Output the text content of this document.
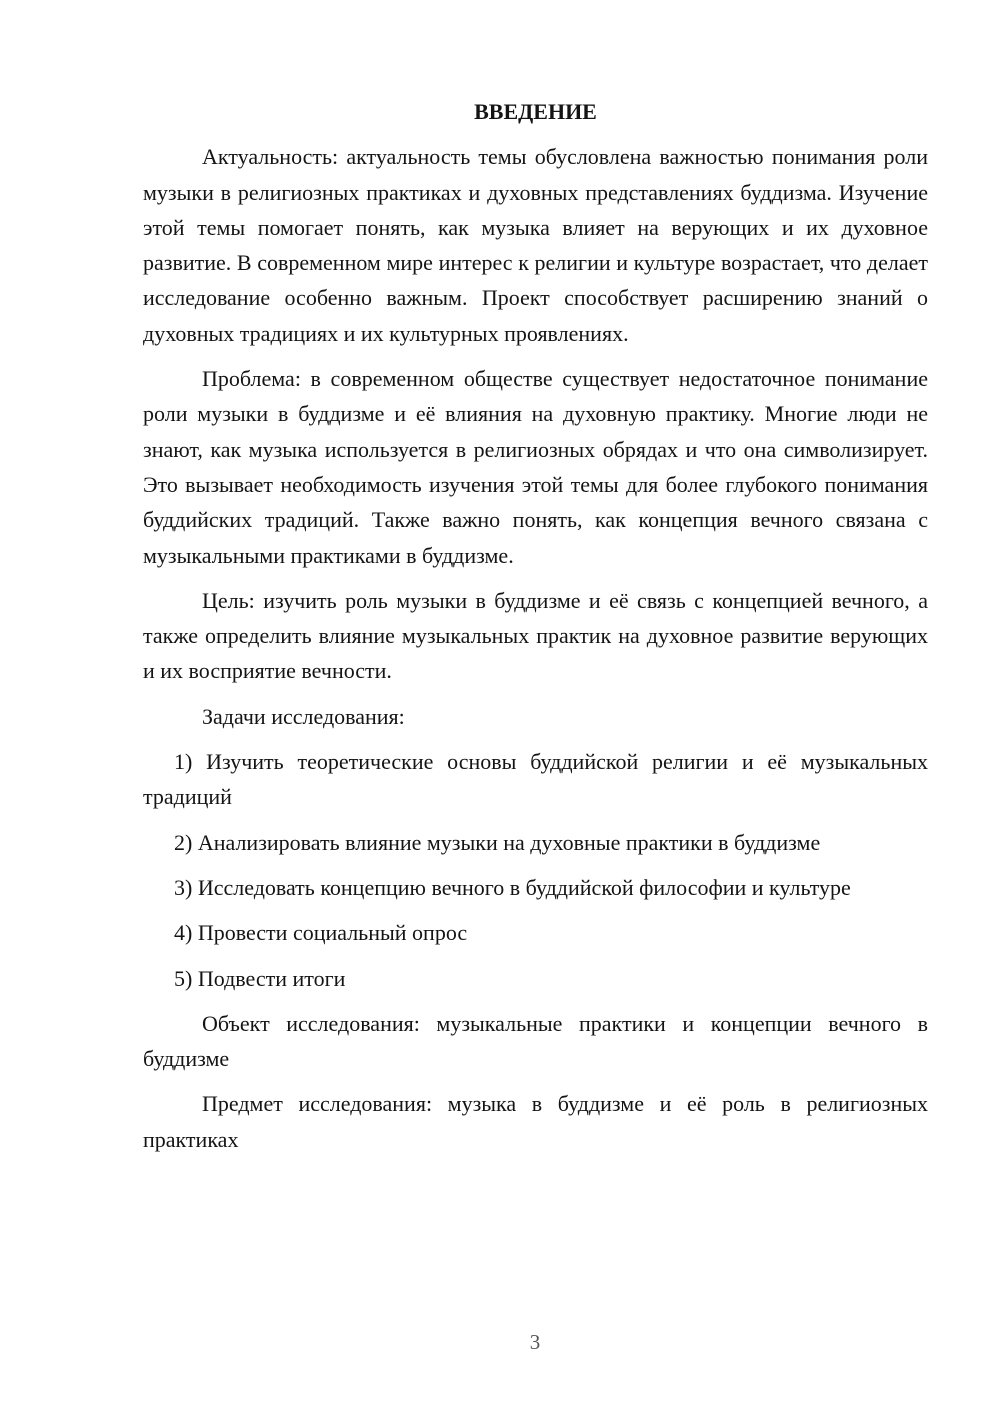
ВВЕДЕНИЕ

Актуальность: актуальность темы обусловлена важностью понимания роли музыки в религиозных практиках и духовных представлениях буддизма. Изучение этой темы помогает понять, как музыка влияет на верующих и их духовное развитие. В современном мире интерес к религии и культуре возрастает, что делает исследование особенно важным. Проект способствует расширению знаний о духовных традициях и их культурных проявлениях.

Проблема: в современном обществе существует недостаточное понимание роли музыки в буддизме и её влияния на духовную практику. Многие люди не знают, как музыка используется в религиозных обрядах и что она символизирует. Это вызывает необходимость изучения этой темы для более глубокого понимания буддийских традиций. Также важно понять, как концепция вечного связана с музыкальными практиками в буддизме.

Цель: изучить роль музыки в буддизме и её связь с концепцией вечного, а также определить влияние музыкальных практик на духовное развитие верующих и их восприятие вечности.

Задачи исследования:

1) Изучить теоретические основы буддийской религии и её музыкальных традиций

2) Анализировать влияние музыки на духовные практики в буддизме

3) Исследовать концепцию вечного в буддийской философии и культуре

4) Провести социальный опрос

5) Подвести итоги

Объект исследования: музыкальные практики и концепции вечного в буддизме

Предмет исследования: музыка в буддизме и её роль в религиозных практиках

3
